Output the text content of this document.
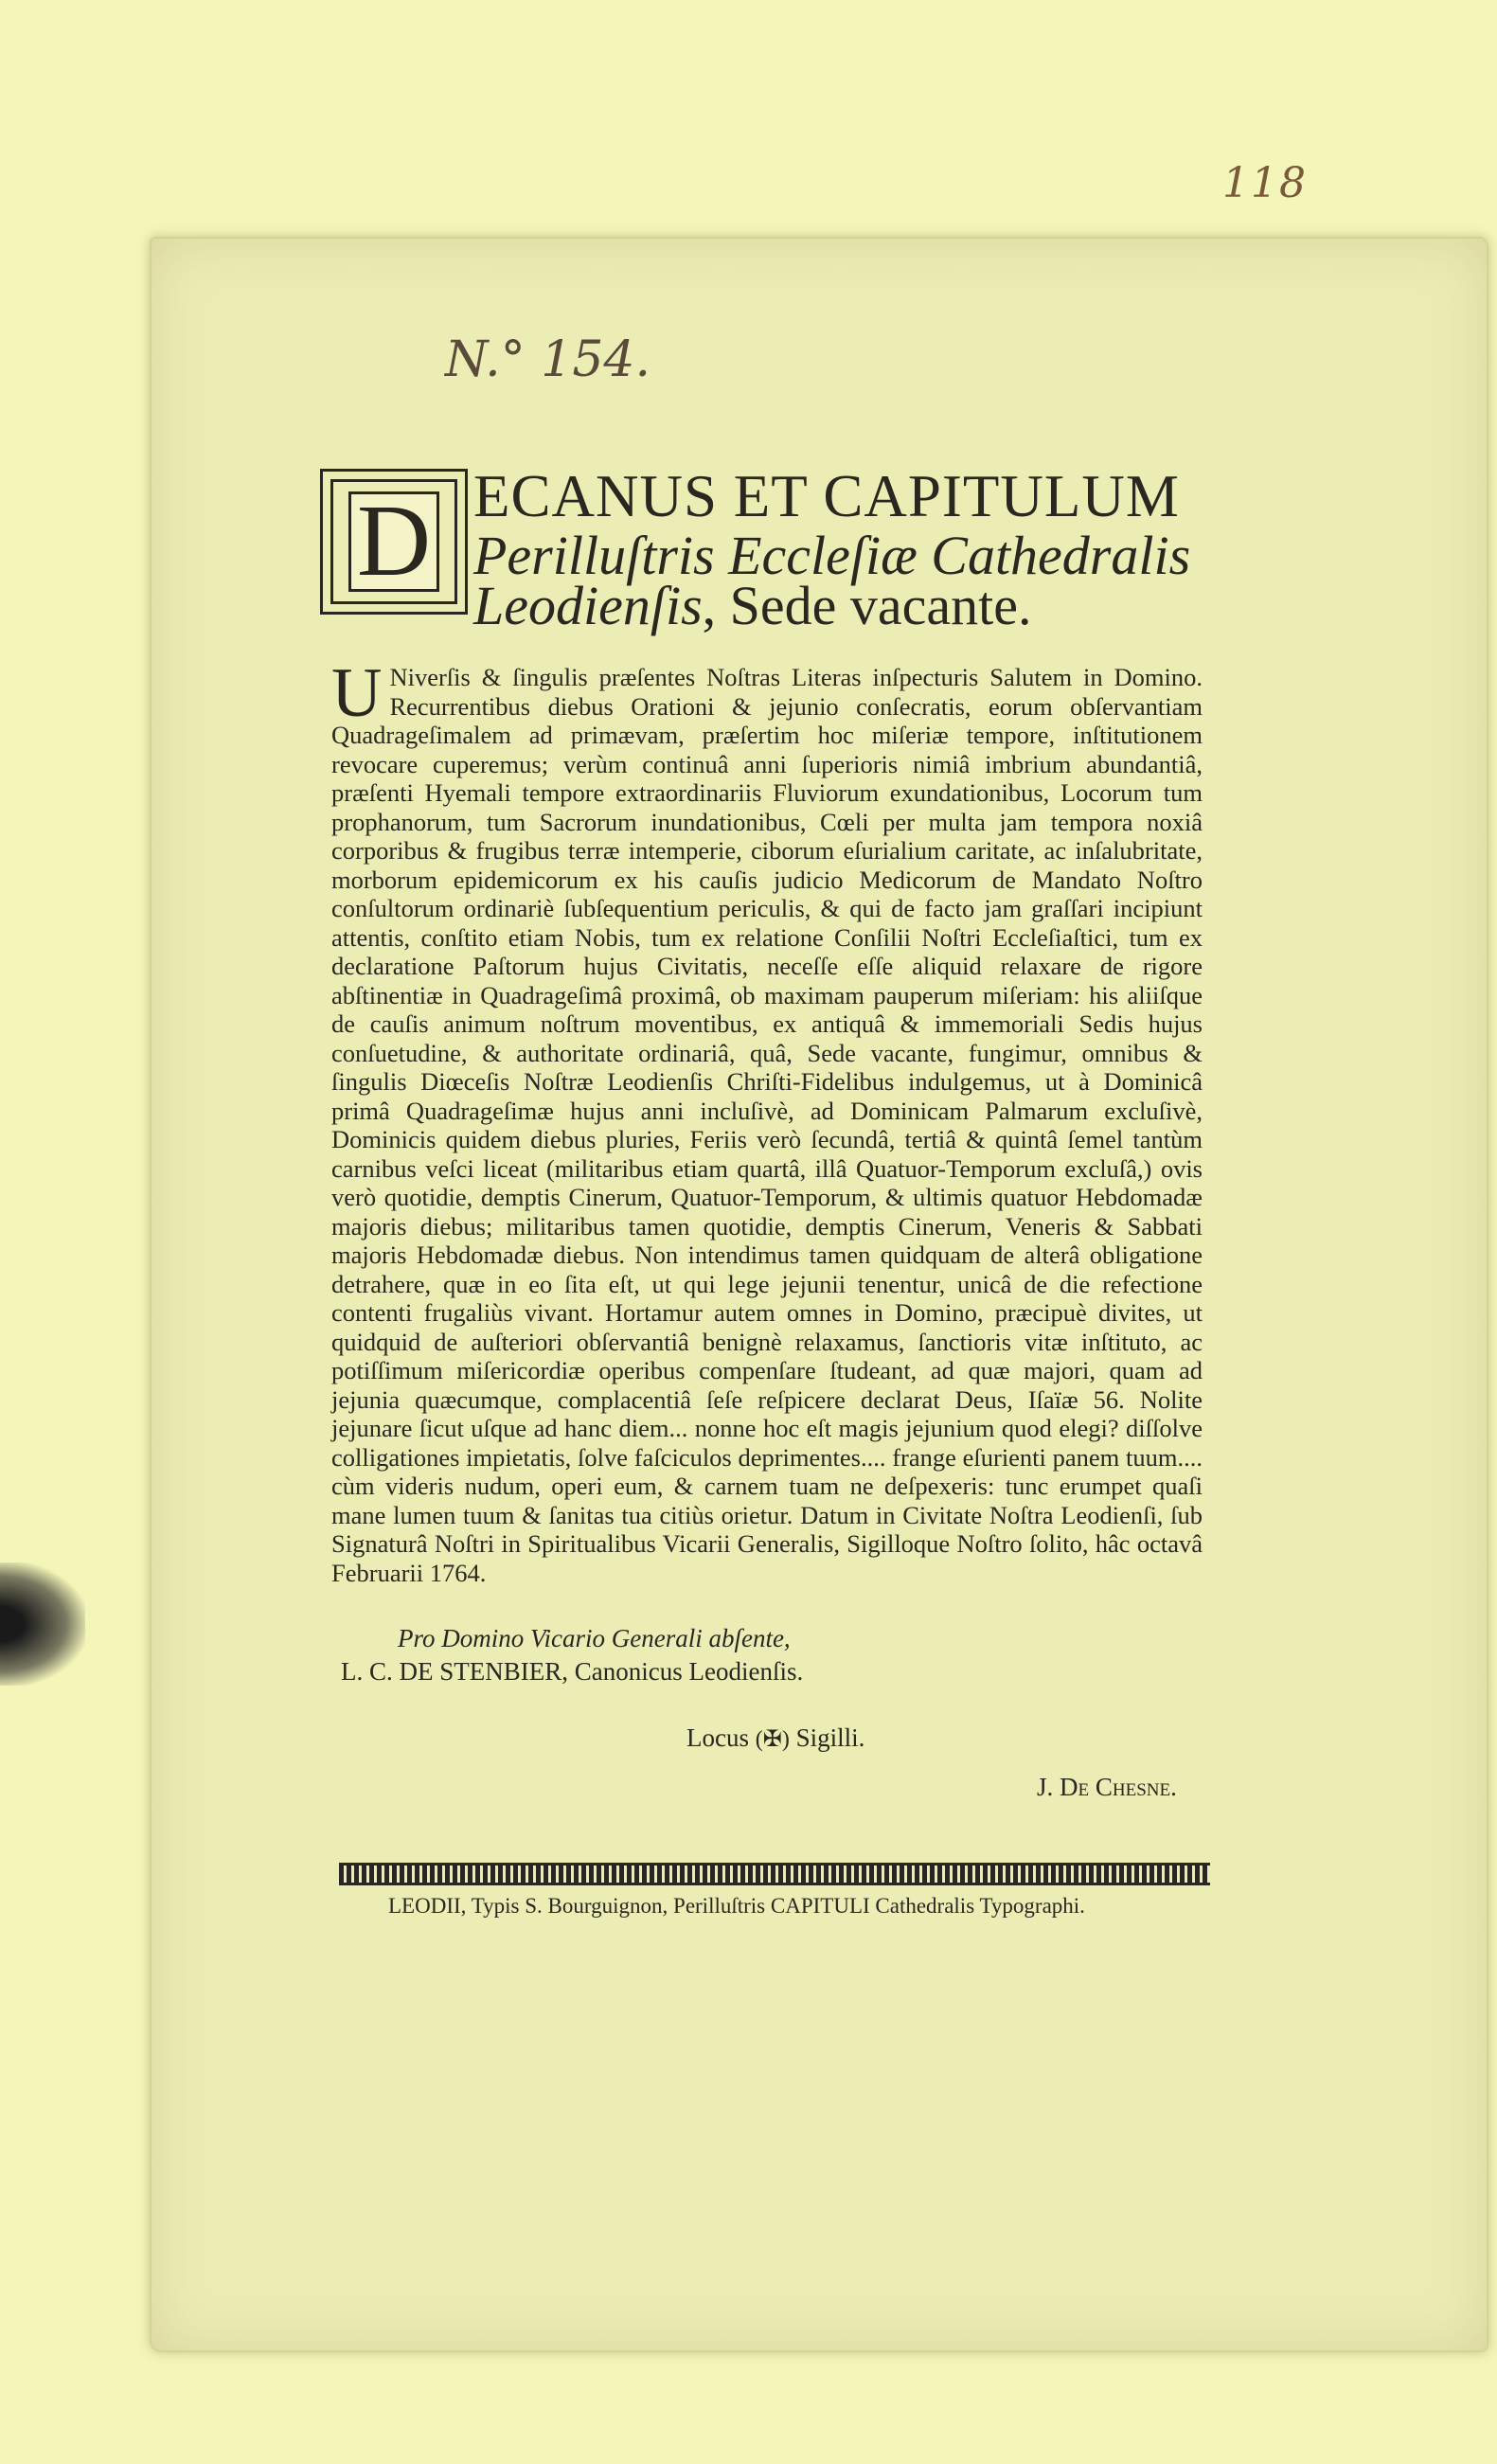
118
N.° 154.
D ECANUS ET CAPITULUM
Perilluſtris Eccleſiæ Cathedralis
Leodienſis, Sede vacante.
U Niverſis & ſingulis præſentes Noſtras Literas inſpecturis Salutem in Domino. Recurrentibus diebus Orationi & jejunio conſecratis, eorum obſervantiam Quadrageſimalem ad primævam, præſertim hoc miſeriæ tempore, inſtitutionem revocare cuperemus; verùm continuâ anni ſuperioris nimiâ imbrium abundantiâ, præſenti Hyemali tempore extraordinariis Fluviorum exundationibus, Locorum tum prophanorum, tum Sacrorum inundationibus, Cœli per multa jam tempora noxiâ corporibus & frugibus terræ intemperie, ciborum eſurialium caritate, ac inſalubritate, morborum epidemicorum ex his cauſis judicio Medicorum de Mandato Noſtro conſultorum ordinariè ſubſequentium periculis, & qui de facto jam graſſari incipiunt attentis, conſtito etiam Nobis, tum ex relatione Conſilii Noſtri Eccleſiaſtici, tum ex declaratione Paſtorum hujus Civitatis, neceſſe eſſe aliquid relaxare de rigore abſtinentiæ in Quadrageſimâ proximâ, ob maximam pauperum miſeriam: his aliiſque de cauſis animum noſtrum moventibus, ex antiquâ & immemoriali Sedis hujus conſuetudine, & authoritate ordinariâ, quâ, Sede vacante, fungimur, omnibus & ſingulis Diœceſis Noſtræ Leodienſis Chriſti-Fidelibus indulgemus, ut à Dominicâ primâ Quadrageſimæ hujus anni incluſivè, ad Dominicam Palmarum excluſivè, Dominicis quidem diebus pluries, Feriis verò ſecundâ, tertiâ & quintâ ſemel tantùm carnibus veſci liceat (militaribus etiam quartâ, illâ Quatuor-Temporum excluſâ,) ovis verò quotidie, demptis Cinerum, Quatuor-Temporum, & ultimis quatuor Hebdomadæ majoris diebus; militaribus tamen quotidie, demptis Cinerum, Veneris & Sabbati majoris Hebdomadæ diebus. Non intendimus tamen quidquam de alterâ obligatione detrahere, quæ in eo ſita eſt, ut qui lege jejunii tenentur, unicâ de die refectione contenti frugaliùs vivant. Hortamur autem omnes in Domino, præcipuè divites, ut quidquid de auſteriori obſervantiâ benignè relaxamus, ſanctioris vitæ inſtituto, ac potiſſimum miſericordiæ operibus compenſare ſtudeant, ad quæ majori, quam ad jejunia quæcumque, complacentiâ ſeſe reſpicere declarat Deus, Iſaïæ 56. Nolite jejunare ſicut uſque ad hanc diem... nonne hoc eſt magis jejunium quod elegi? diſſolve colligationes impietatis, ſolve faſciculos deprimentes.... frange eſurienti panem tuum.... cùm videris nudum, operi eum, & carnem tuam ne deſpexeris: tunc erumpet quaſi mane lumen tuum & ſanitas tua citiùs orietur. Datum in Civitate Noſtra Leodienſi, ſub Signaturâ Noſtri in Spiritualibus Vicarii Generalis, Sigilloque Noſtro ſolito, hâc octavâ Februarii 1764.

Pro Domino Vicario Generali abſente,
L. C. DE STENBIER, Canonicus Leodienſis.
Locus (✠) Sigilli.
J. De Chesne.
LEODII, Typis S. Bourguignon, Perilluſtris CAPITULI Cathedralis Typographi.
